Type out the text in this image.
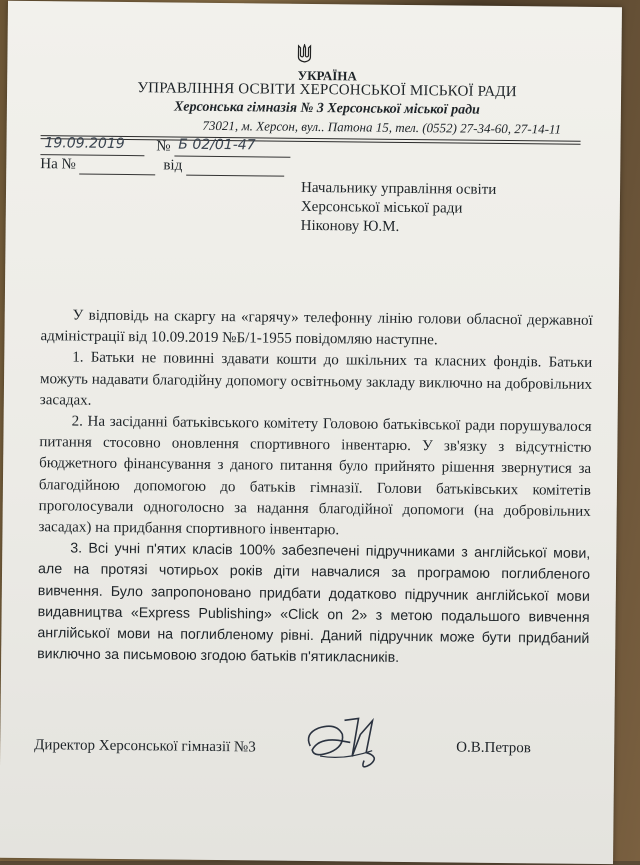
УКРАЇНА
УПРАВЛІННЯ ОСВІТИ ХЕРСОНСЬКОЇ МІСЬКОЇ РАДИ
Херсонська гімназія № 3 Херсонської міської ради
73021, м. Херсон, вул.. Патона 15, тел. (0552) 27-34-60, 27-14-11
19.09.2019 № Б 02/01-47

На №	від
Начальнику управління освіти
Херсонської міської ради
Ніконову Ю.М.

У відповідь на скаргу на «гарячу» телефонну лінію голови обласної державної адміністрації від 10.09.2019 №Б/1-1955 повідомляю наступне.

1. Батьки не повинні здавати кошти до шкільних та класних фондів. Батьки можуть надавати благодійну допомогу освітньому закладу виключно на добровільних засадах.

2. На засіданні батьківського комітету Головою батьківської ради порушувалося питання стосовно оновлення спортивного інвентарю. У зв'язку з відсутністю бюджетного фінансування з даного питання було прийнято рішення звернутися за благодійною допомогою до батьків гімназії. Голови батьківських комітетів проголосували одноголосно за надання благодійної допомоги (на добровільних засадах) на придбання спортивного інвентарю.

3. Всі учні п'ятих класів 100% забезпечені підручниками з англійської мови, але на протязі чотирьох років діти навчалися за програмою поглибленого вивчення. Було запропоновано придбати додатково підручник англійської мови видавництва «Express Publishing» «Click on 2» з метою подальшого вивчення англійської мови на поглибленому рівні. Даний підручник може бути придбаний виключно за письмовою згодою батьків п'ятикласників.

Директор Херсонської гімназії №3	О.В.Петров
